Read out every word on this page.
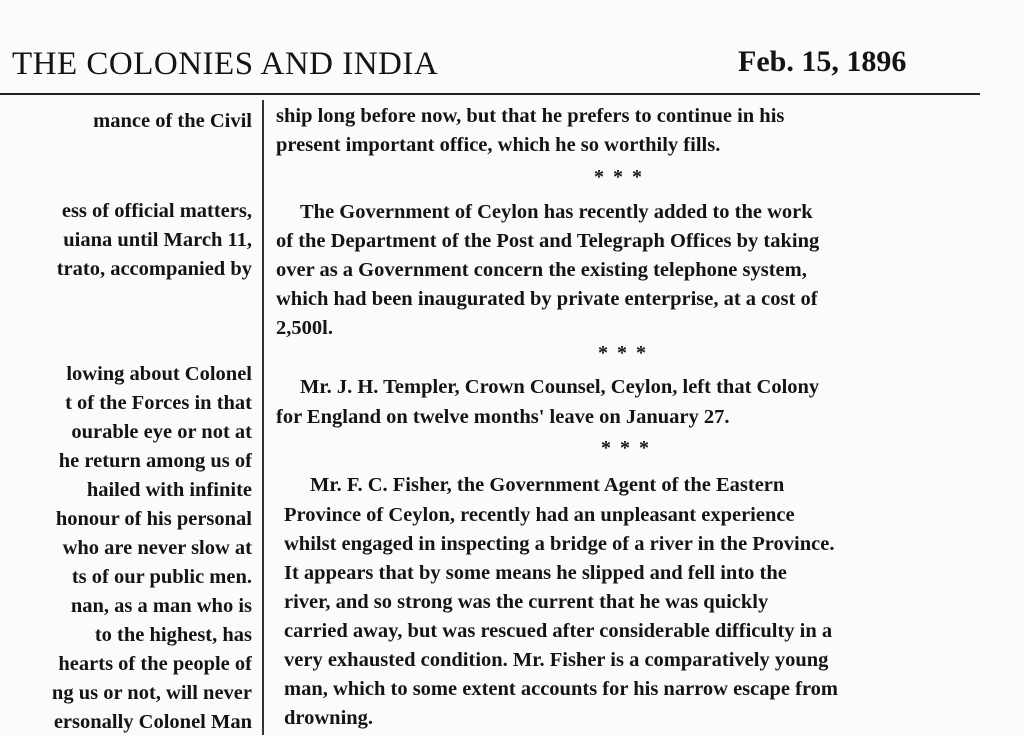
THE COLONIES AND INDIA	Feb. 15, 1896
mance of the Civil
ess of official matters,
uiana until March 11,
trato, accompanied by
lowing about Colonel
t of the Forces in that
ourable eye or not at
he return among us of
hailed with infinite
honour of his personal
who are never slow at
ts of our public men.
nan, as a man who is
to the highest, has
hearts of the people of
ng us or not, will never
ersonally Colonel Man
ship long before now, but that he prefers to continue in his
present important office, which he so worthily fills.
* * *
The Government of Ceylon has recently added to the work
of the Department of the Post and Telegraph Offices by taking
over as a Government concern the existing telephone system,
which had been inaugurated by private enterprise, at a cost of
2,500l.
* * *
Mr. J. H. Templer, Crown Counsel, Ceylon, left that Colony
for England on twelve months' leave on January 27.
* * *
Mr. F. C. Fisher, the Government Agent of the Eastern
Province of Ceylon, recently had an unpleasant experience
whilst engaged in inspecting a bridge of a river in the Province.
It appears that by some means he slipped and fell into the
river, and so strong was the current that he was quickly
carried away, but was rescued after considerable difficulty in a
very exhausted condition. Mr. Fisher is a comparatively young
man, which to some extent accounts for his narrow escape from
drowning.
